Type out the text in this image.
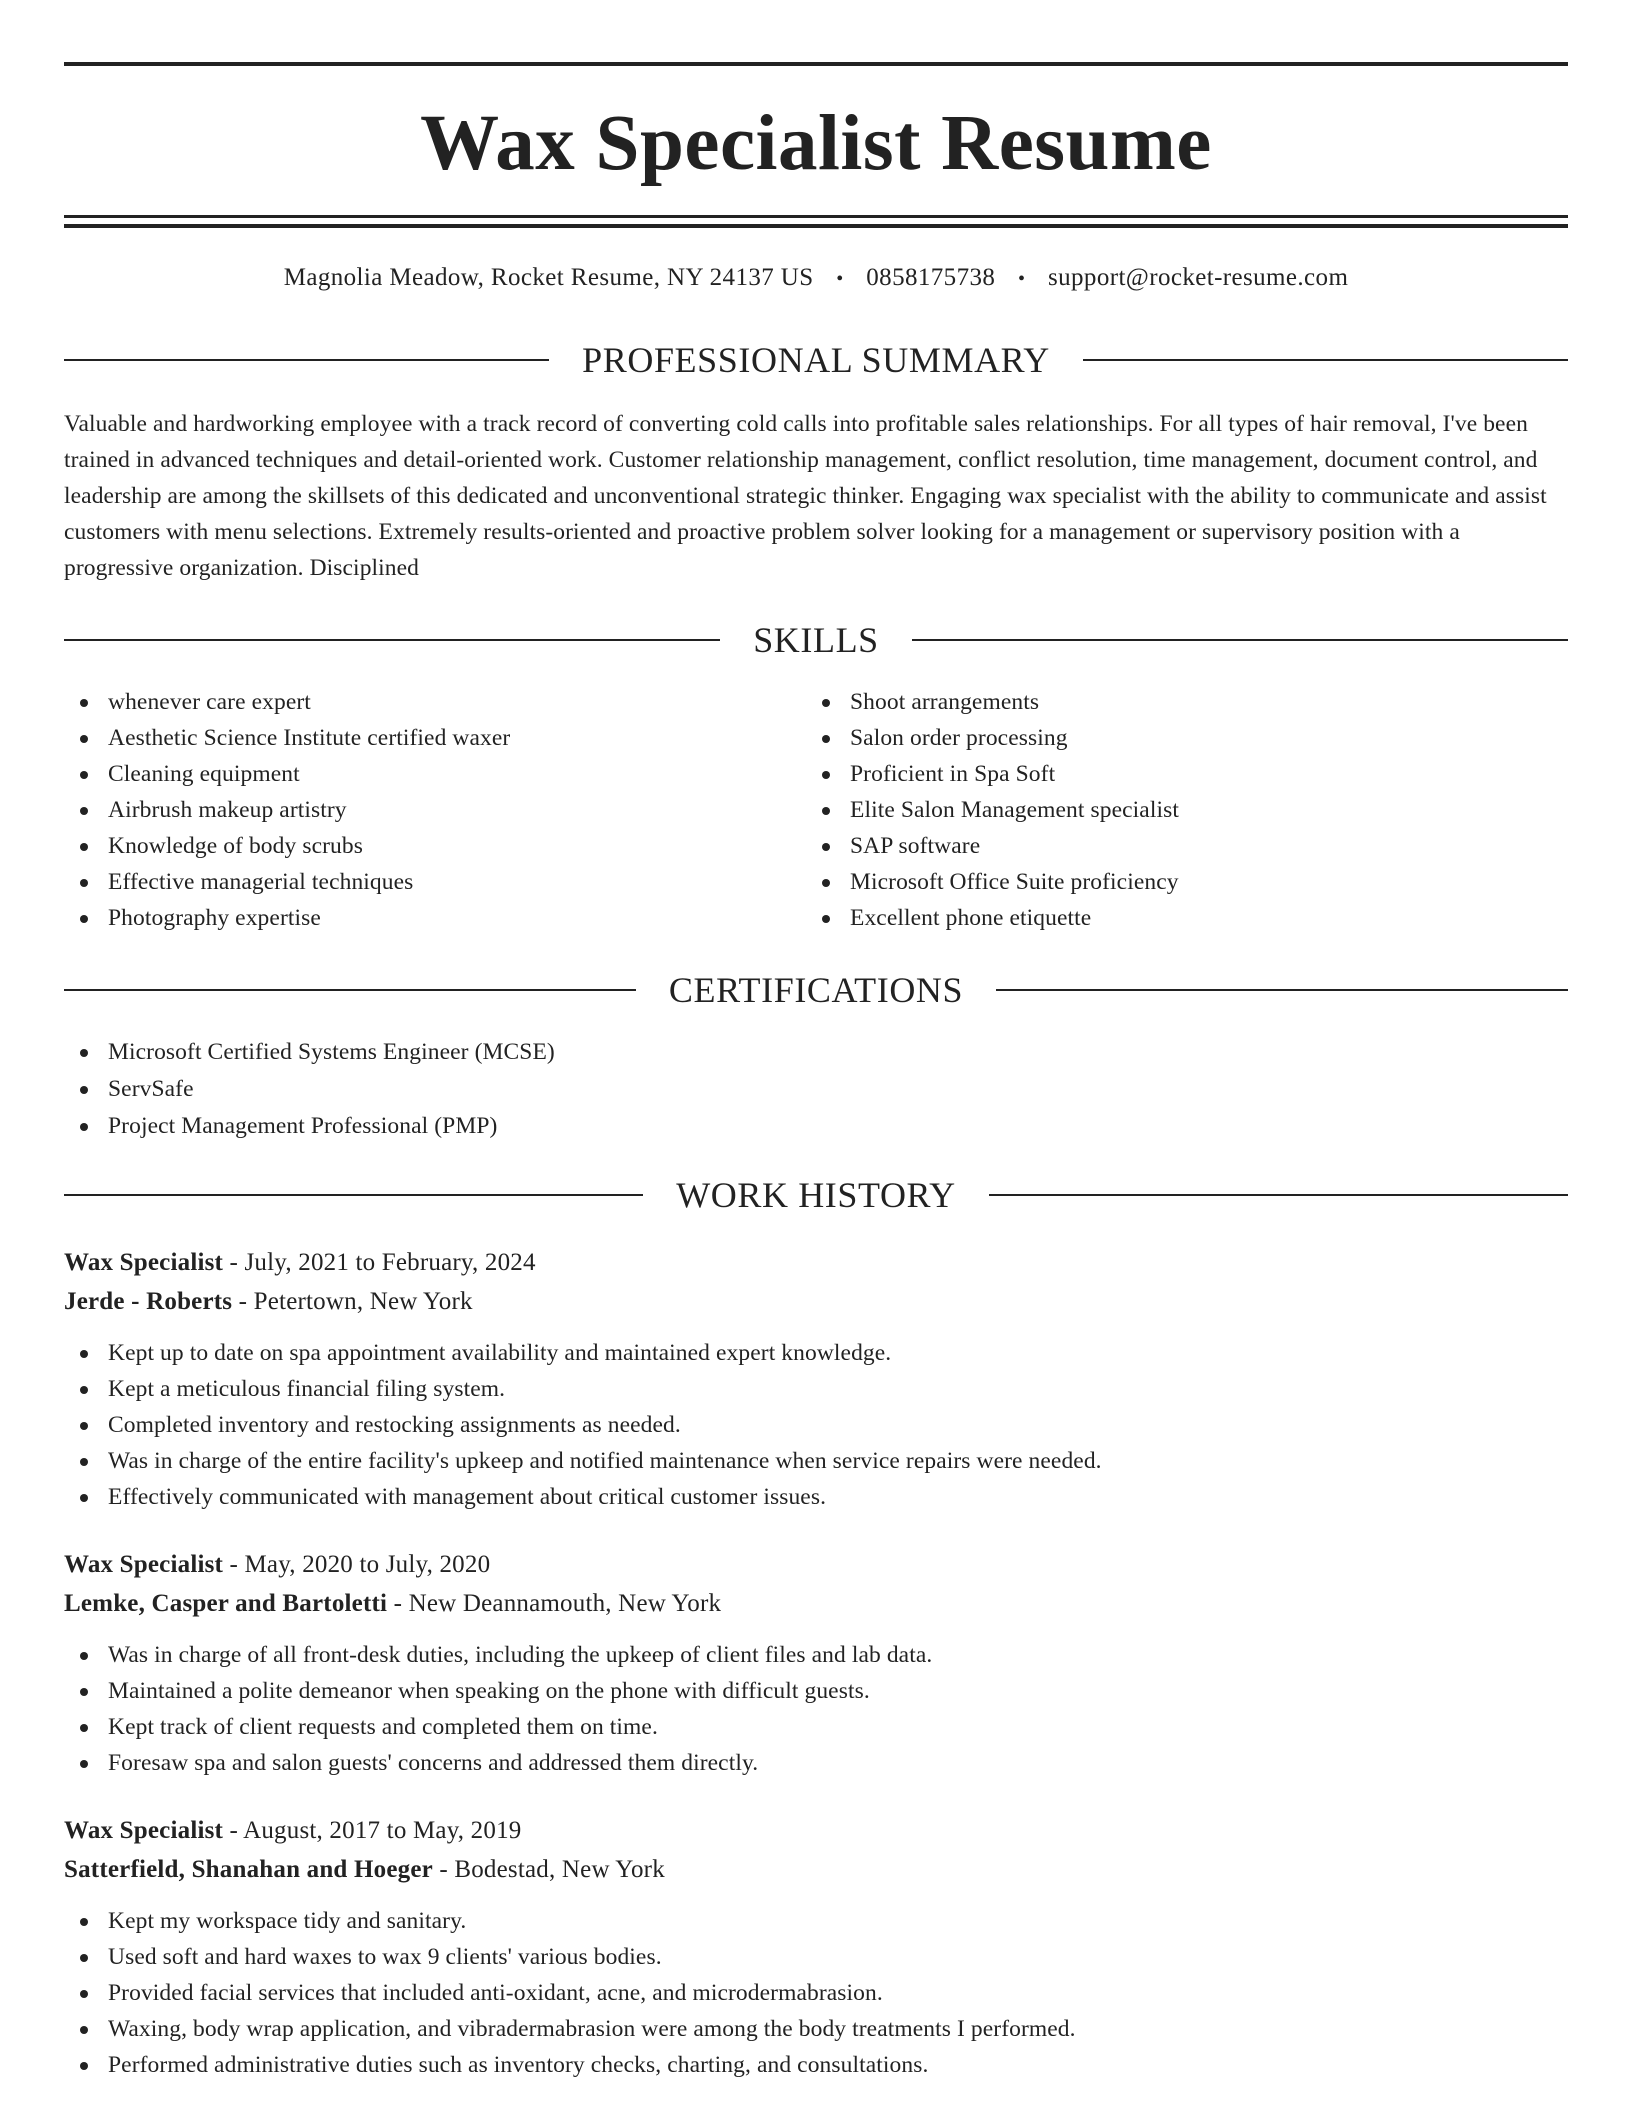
Wax Specialist Resume
Magnolia Meadow, Rocket Resume, NY 24137 US • 0858175738 • support@rocket-resume.com
PROFESSIONAL SUMMARY

Valuable and hardworking employee with a track record of converting cold calls into profitable sales relationships. For all types of hair removal, I've been trained in advanced techniques and detail-oriented work. Customer relationship management, conflict resolution, time management, document control, and leadership are among the skillsets of this dedicated and unconventional strategic thinker. Engaging wax specialist with the ability to communicate and assist customers with menu selections. Extremely results-oriented and proactive problem solver looking for a management or supervisory position with a progressive organization. Disciplined

SKILLS
whenever care expert
Aesthetic Science Institute certified waxer
Cleaning equipment
Airbrush makeup artistry
Knowledge of body scrubs
Effective managerial techniques
Photography expertise
Shoot arrangements
Salon order processing
Proficient in Spa Soft
Elite Salon Management specialist
SAP software
Microsoft Office Suite proficiency
Excellent phone etiquette
CERTIFICATIONS
Microsoft Certified Systems Engineer (MCSE)
ServSafe
Project Management Professional (PMP)
WORK HISTORY
Wax Specialist - July, 2021 to February, 2024
Jerde - Roberts - Petertown, New York
Kept up to date on spa appointment availability and maintained expert knowledge.
Kept a meticulous financial filing system.
Completed inventory and restocking assignments as needed.
Was in charge of the entire facility's upkeep and notified maintenance when service repairs were needed.
Effectively communicated with management about critical customer issues.
Wax Specialist - May, 2020 to July, 2020
Lemke, Casper and Bartoletti - New Deannamouth, New York
Was in charge of all front-desk duties, including the upkeep of client files and lab data.
Maintained a polite demeanor when speaking on the phone with difficult guests.
Kept track of client requests and completed them on time.
Foresaw spa and salon guests' concerns and addressed them directly.
Wax Specialist - August, 2017 to May, 2019
Satterfield, Shanahan and Hoeger - Bodestad, New York
Kept my workspace tidy and sanitary.
Used soft and hard waxes to wax 9 clients' various bodies.
Provided facial services that included anti-oxidant, acne, and microdermabrasion.
Waxing, body wrap application, and vibradermabrasion were among the body treatments I performed.
Performed administrative duties such as inventory checks, charting, and consultations.
